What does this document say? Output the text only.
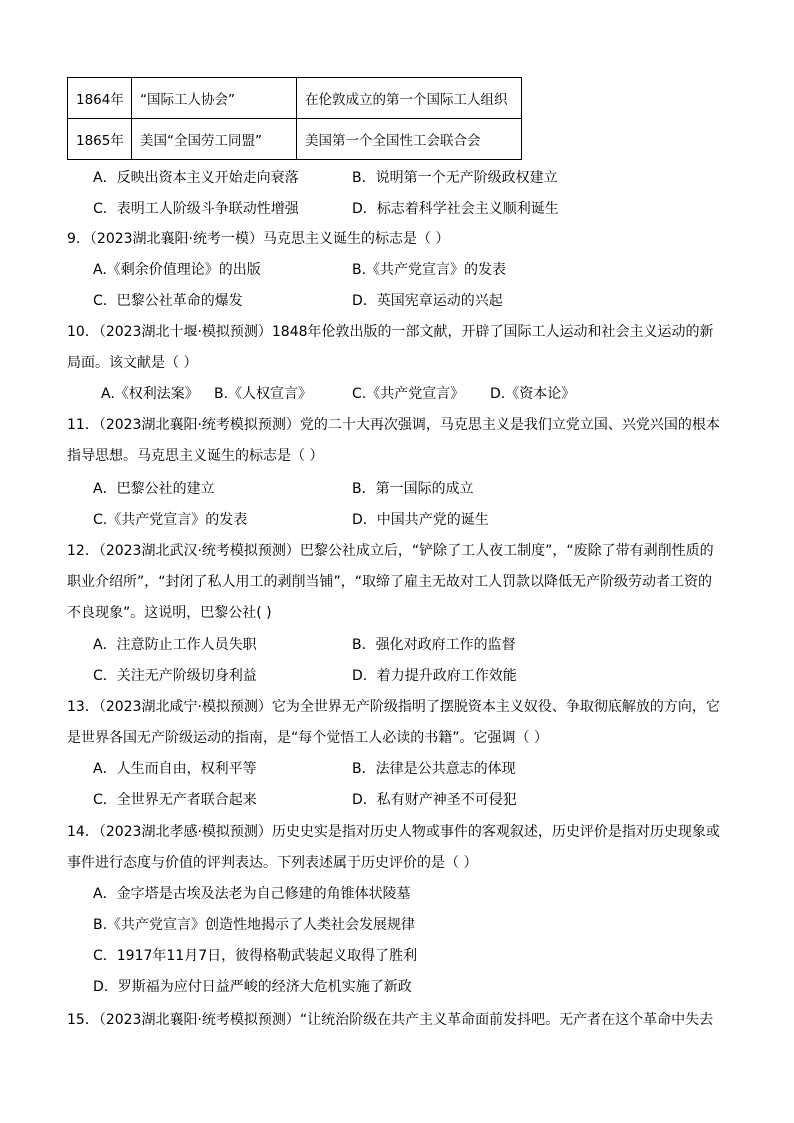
1864年	“国际工人协会”	在伦敦成立的第一个国际工人组织
1865年	美国“全国劳工同盟”	美国第一个全国性工会联合会
A．反映出资本主义开始走向衰落	B．说明第一个无产阶级政权建立
C．表明工人阶级斗争联动性增强	D．标志着科学社会主义顺利诞生
9．（2023湖北襄阳·统考一模）马克思主义诞生的标志是（ ）
A.《剩余价值理论》的出版	B.《共产党宣言》的发表
C．巴黎公社革命的爆发	D．英国宪章运动的兴起
10．（2023湖北十堰·模拟预测）1848年伦敦出版的一部文献，开辟了国际工人运动和社会主义运动的新
局面。该文献是（ ）
A.《权利法案》 B.《人权宣言》	C.《共产党宣言》 D.《资本论》
11．（2023湖北襄阳·统考模拟预测）党的二十大再次强调，马克思主义是我们立党立国、兴党兴国的根本
指导思想。马克思主义诞生的标志是（ ）
A．巴黎公社的建立	B．第一国际的成立
C.《共产党宣言》的发表	D．中国共产党的诞生
12．（2023湖北武汉·统考模拟预测）巴黎公社成立后，“铲除了工人夜工制度”，“废除了带有剥削性质的
职业介绍所”，“封闭了私人用工的剥削当铺”，“取缔了雇主无故对工人罚款以降低无产阶级劳动者工资的
不良现象”。这说明，巴黎公社( )
A．注意防止工作人员失职	B．强化对政府工作的监督
C．关注无产阶级切身利益	D．着力提升政府工作效能
13．（2023湖北咸宁·模拟预测）它为全世界无产阶级指明了摆脱资本主义奴役、争取彻底解放的方向，它
是世界各国无产阶级运动的指南，是“每个觉悟工人必读的书籍”。它强调（ ）
A．人生而自由，权利平等	B．法律是公共意志的体现
C．全世界无产者联合起来	D．私有财产神圣不可侵犯
14．（2023湖北孝感·模拟预测）历史史实是指对历史人物或事件的客观叙述，历史评价是指对历史现象或
事件进行态度与价值的评判表达。下列表述属于历史评价的是（ ）
A．金字塔是古埃及法老为自己修建的角锥体状陵墓
B.《共产党宣言》创造性地揭示了人类社会发展规律
C．1917年11月7日，彼得格勒武装起义取得了胜利
D．罗斯福为应付日益严峻的经济大危机实施了新政
15．（2023湖北襄阳·统考模拟预测）“让统治阶级在共产主义革命面前发抖吧。无产者在这个革命中失去
